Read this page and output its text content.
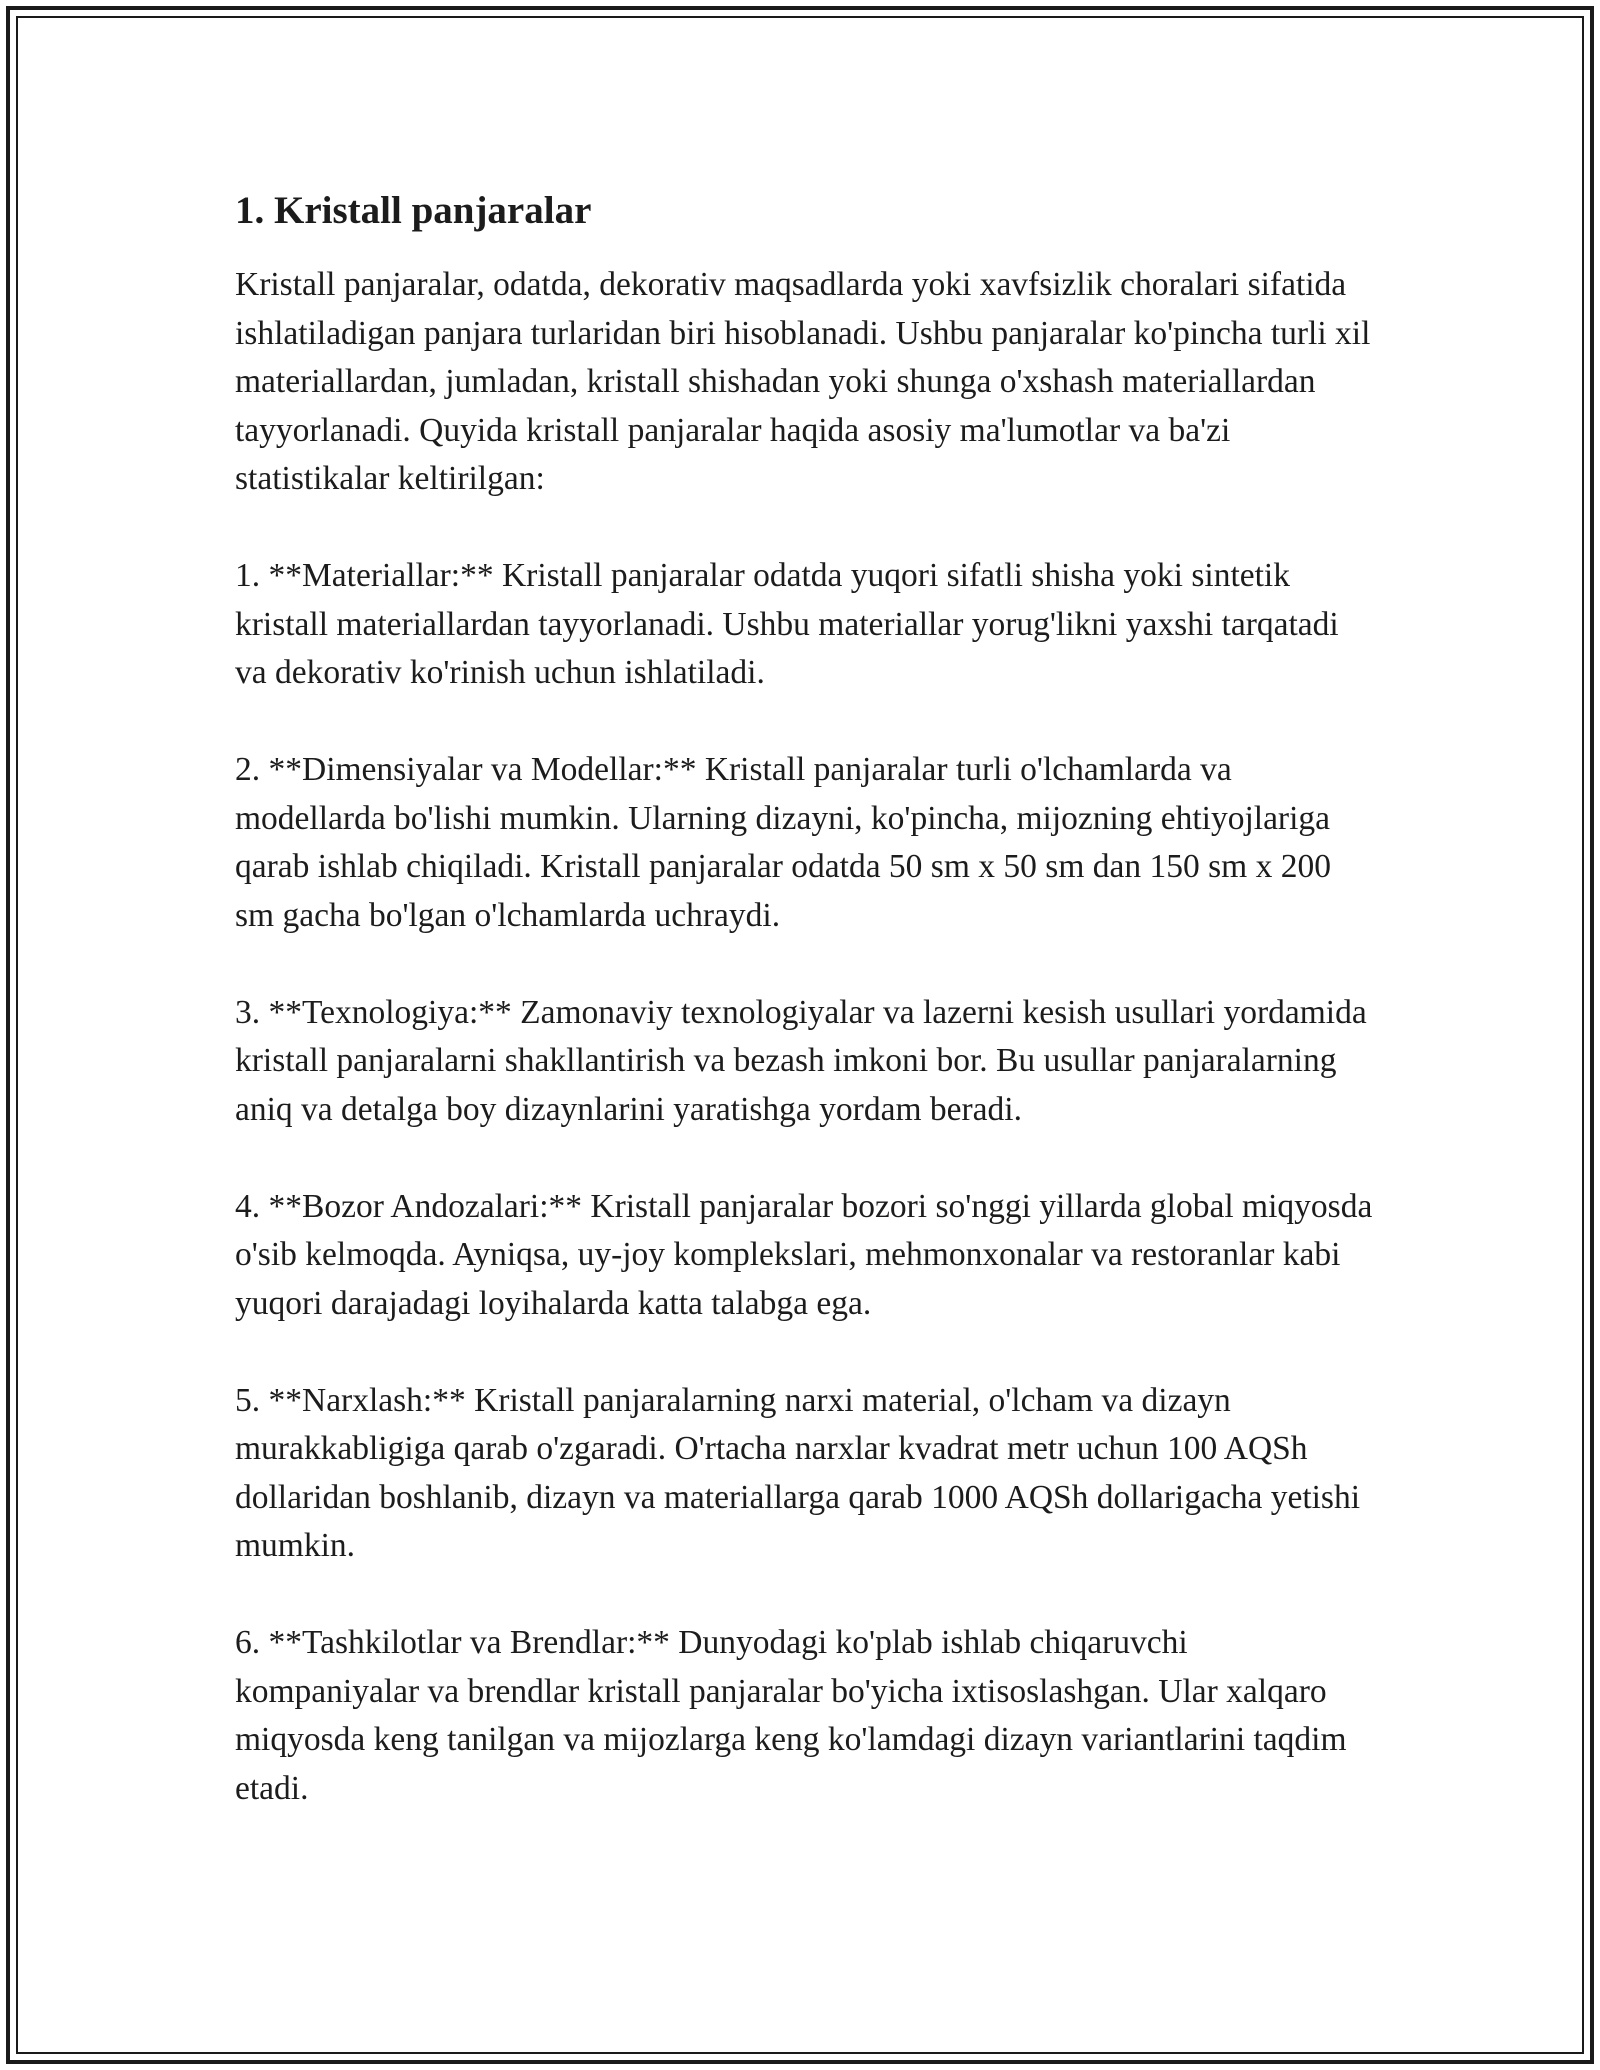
1. Kristall panjaralar

Kristall panjaralar, odatda, dekorativ maqsadlarda yoki xavfsizlik choralari sifatida ishlatiladigan panjara turlaridan biri hisoblanadi. Ushbu panjaralar ko'pincha turli xil materiallardan, jumladan, kristall shishadan yoki shunga o'xshash materiallardan tayyorlanadi. Quyida kristall panjaralar haqida asosiy ma'lumotlar va ba'zi statistikalar keltirilgan:

1. **Materiallar:** Kristall panjaralar odatda yuqori sifatli shisha yoki sintetik kristall materiallardan tayyorlanadi. Ushbu materiallar yorug'likni yaxshi tarqatadi va dekorativ ko'rinish uchun ishlatiladi.

2. **Dimensiyalar va Modellar:** Kristall panjaralar turli o'lchamlarda va modellarda bo'lishi mumkin. Ularning dizayni, ko'pincha, mijozning ehtiyojlariga qarab ishlab chiqiladi. Kristall panjaralar odatda 50 sm x 50 sm dan 150 sm x 200 sm gacha bo'lgan o'lchamlarda uchraydi.

3. **Texnologiya:** Zamonaviy texnologiyalar va lazerni kesish usullari yordamida kristall panjaralarni shakllantirish va bezash imkoni bor. Bu usullar panjaralarning aniq va detalga boy dizaynlarini yaratishga yordam beradi.

4. **Bozor Andozalari:** Kristall panjaralar bozori so'nggi yillarda global miqyosda o'sib kelmoqda. Ayniqsa, uy-joy komplekslari, mehmonxonalar va restoranlar kabi yuqori darajadagi loyihalarda katta talabga ega.

5. **Narxlash:** Kristall panjaralarning narxi material, o'lcham va dizayn murakkabligiga qarab o'zgaradi. O'rtacha narxlar kvadrat metr uchun 100 AQSh dollaridan boshlanib, dizayn va materiallarga qarab 1000 AQSh dollarigacha yetishi mumkin.

6. **Tashkilotlar va Brendlar:** Dunyodagi ko'plab ishlab chiqaruvchi kompaniyalar va brendlar kristall panjaralar bo'yicha ixtisoslashgan. Ular xalqaro miqyosda keng tanilgan va mijozlarga keng ko'lamdagi dizayn variantlarini taqdim etadi.
